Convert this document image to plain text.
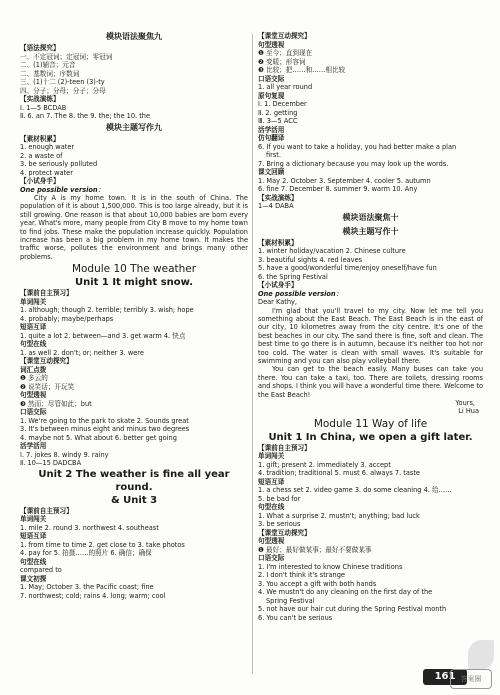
模块语法聚焦九
【语法探究】
一、不定冠词；定冠词；零冠词
二、(1)辅音；元音
二、基数词；序数词
三、(1)十二 (2)-teen (3)-ty
四、分子；分母；分子；分母
【实战演练】
Ⅰ. 1—5 BCDAB
Ⅱ. 6. an 7. The 8. the 9. the; the 10. the
模块主题写作九
【素材积累】
1. enough water
2. a waste of
3. be seriously polluted
4. protect water
【小试身手】
One possible version：
City A is my home town. It is in the south of China. The population of it is about 1,500,000. This is too large already, but it is still growing. One reason is that about 10,000 babies are born every year. What's more, many people from City B move to my home town to find jobs. These make the population increase quickly. Population increase has been a big problem in my home town. It makes the traffic worse, pollutes the environment and brings many other problems.
Module 10 The weather
Unit 1 It might snow.
【课前自主预习】
单词闯关
1. although; though 2. terrible; terribly 3. wish; hope
4. probably; maybe/perhaps
短语互译
1. quite a lot 2. between—and 3. get warm 4. 快点
句型在线
1. as well 2. don't; or; neither 3. were
【课堂互动探究】
词汇点拨
❶ 多云的
❷ 说笑话；开玩笑
句型透视
❸ 然而；尽管如此；but
口语交际
1. We're going to the park to skate 2. Sounds great
3. It's between minus eight and minus two degrees
4. maybe not 5. What about 6. better get going
活学活用
Ⅰ. 7. jokes 8. windy 9. rainy
Ⅱ. 10—15 DADCBA
Unit 2 The weather is fine all year round.
& Unit 3
【课前自主预习】
单词闯关
1. mile 2. round 3. northwest 4. southeast
短语互译
1. from time to time 2. get close to 3. take photos
4. pay for 5. 拍摄……的照片 6. 确信；确保
句型在线
compared to
课文初探
1. May; October 3. the Pacific coast; fine
7. northwest; cold; rains 4. long; warm; cool
【课堂互动探究】
句型透视
❶ 至今；直到现在
❷ 变暖；形容词
❸ 比较；把……和……相比较
口语交际
1. all year round
原句复现
Ⅰ. 1. December
Ⅱ. 2. getting
Ⅲ. 3—5 ACC
活学活用
仿句翻译
6. If you want to take a holiday, you had better make a plan
first.
7. Bring a dictionary because you may look up the words.
课文回顾
1. May 2. October 3. September 4. cooler 5. autumn
6. fine 7. December 8. summer 9. warm 10. Any
【实战演练】
1—4 DABA
模块语法聚焦十
模块主题写作十
【素材积累】
1. winter holiday/vacation 2. Chinese culture
3. beautiful sights 4. red leaves
5. have a good/wonderful time/enjoy oneself/have fun
6. the Spring Festival
【小试身手】
One possible version：
Dear Kathy,
I'm glad that you'll travel to my city. Now let me tell you something about the East Beach. The East Beach is in the east of our city, 10 kilometres away from the city centre. It's one of the best beaches in our city. The sand there is fine, soft and clean. The best time to go there is in autumn, because it's neither too hot nor too cold. The water is clean with small waves. It's suitable for swimming and you can also play volleyball there.
You can get to the beach easily. Many buses can take you there. You can take a taxi, too. There are toilets, dressing rooms and shops. I think you will have a wonderful time there. Welcome to the East Beach!
Yours,
Li Hua
Module 11 Way of life
Unit 1 In China, we open a gift later.
【课前自主预习】
单词闯关
1. gift; present 2. immediately 3. accept
4. tradition; traditional 5. must 6. always 7. taste
短语互译
1. a chess set 2. video game 3. do some cleaning 4. 给……
5. be bad for
句型在线
1. What a surprise 2. mustn't; anything; bad luck
3. be serious
【课堂互动探究】
句型透视
❶ 最好；最好做某事；最好不要做某事
口语交际
1. I'm interested to know Chinese traditions
2. I don't think it's strange
3. You accept a gift with both hands
4. We mustn't do any cleaning on the first day of the
Spring Festival
5. not have our hair cut during the Spring Festival month
6. You can't be serious
161 答案圈
